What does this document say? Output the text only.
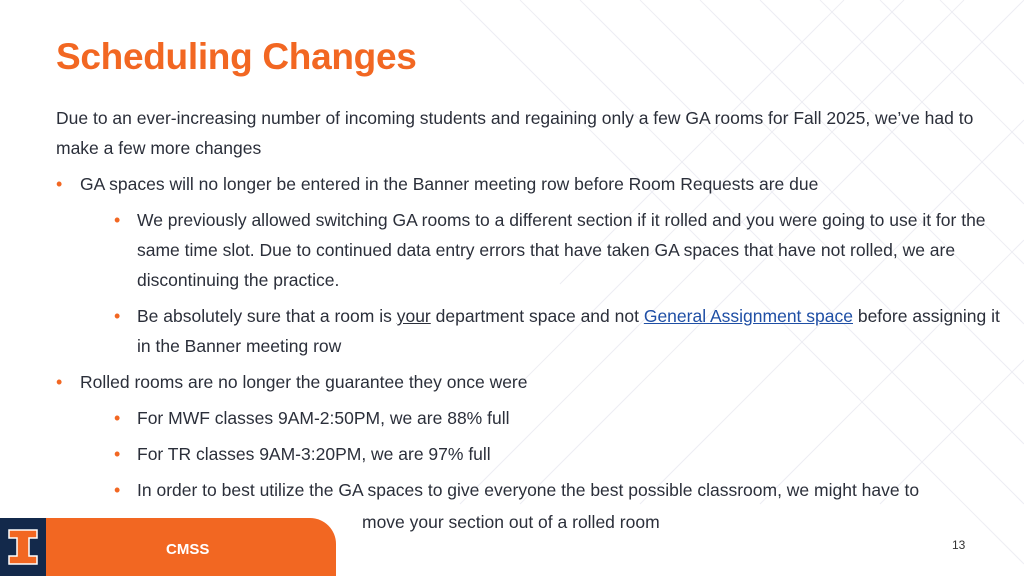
Scheduling Changes

Due to an ever-increasing number of incoming students and regaining only a few GA rooms for Fall 2025, we’ve had to make a few more changes

• GA spaces will no longer be entered in the Banner meeting row before Room Requests are due

• We previously allowed switching GA rooms to a different section if it rolled and you were going to use it for the same time slot. Due to continued data entry errors that have taken GA spaces that have not rolled, we are discontinuing the practice.

• Be absolutely sure that a room is your department space and not General Assignment space before assigning it in the Banner meeting row

• Rolled rooms are no longer the guarantee they once were

• For MWF classes 9AM-2:50PM, we are 88% full

• For TR classes 9AM-3:20PM, we are 97% full

• In order to best utilize the GA spaces to give everyone the best possible classroom, we might have to

move your section out of a rolled room
CMSS	13
